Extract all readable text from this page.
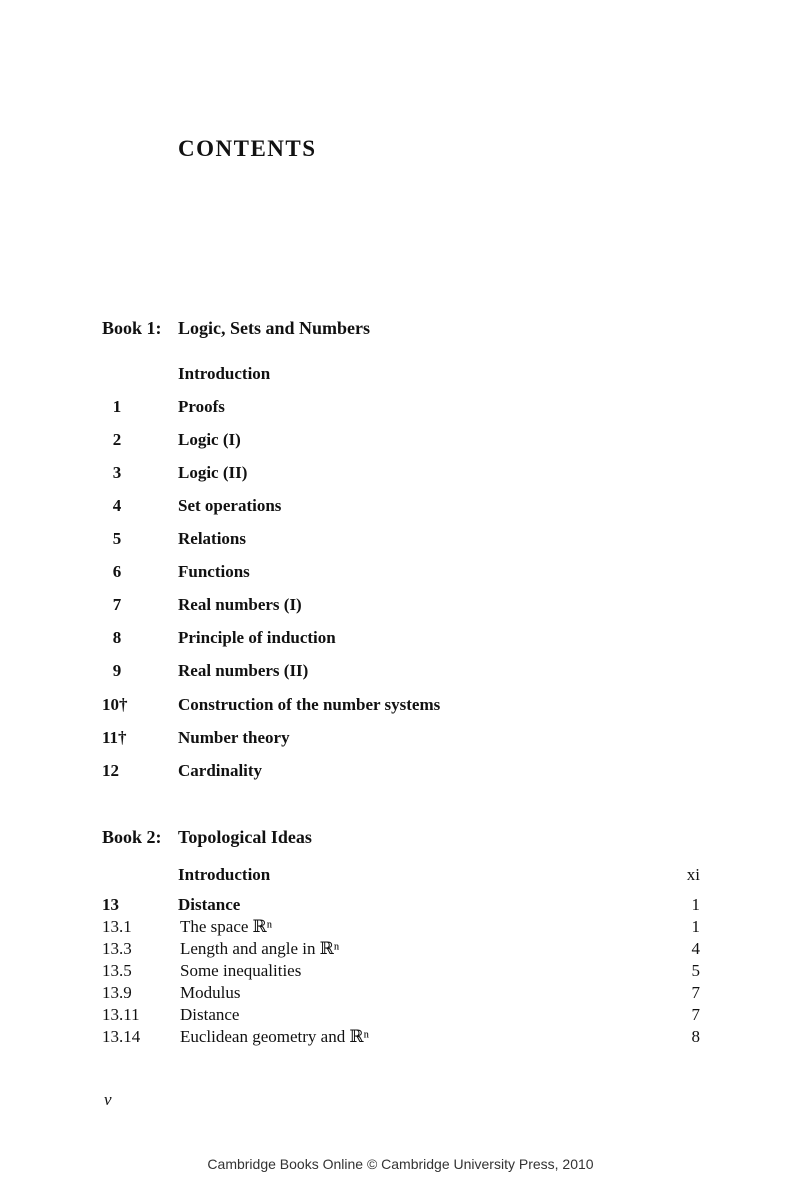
CONTENTS
Book 1: Logic, Sets and Numbers
Introduction
1	Proofs
2	Logic (I)
3	Logic (II)
4	Set operations
5	Relations
6	Functions
7	Real numbers (I)
8	Principle of induction
9	Real numbers (II)
10†	Construction of the number systems
11†	Number theory
12	Cardinality
Book 2: Topological Ideas
Introduction	xi
13	Distance	1
13.1	The space ℝⁿ	1
13.3	Length and angle in ℝⁿ	4
13.5	Some inequalities	5
13.9	Modulus	7
13.11 Distance	7
13.14 Euclidean geometry and ℝⁿ	8
v
Cambridge Books Online © Cambridge University Press, 2010
